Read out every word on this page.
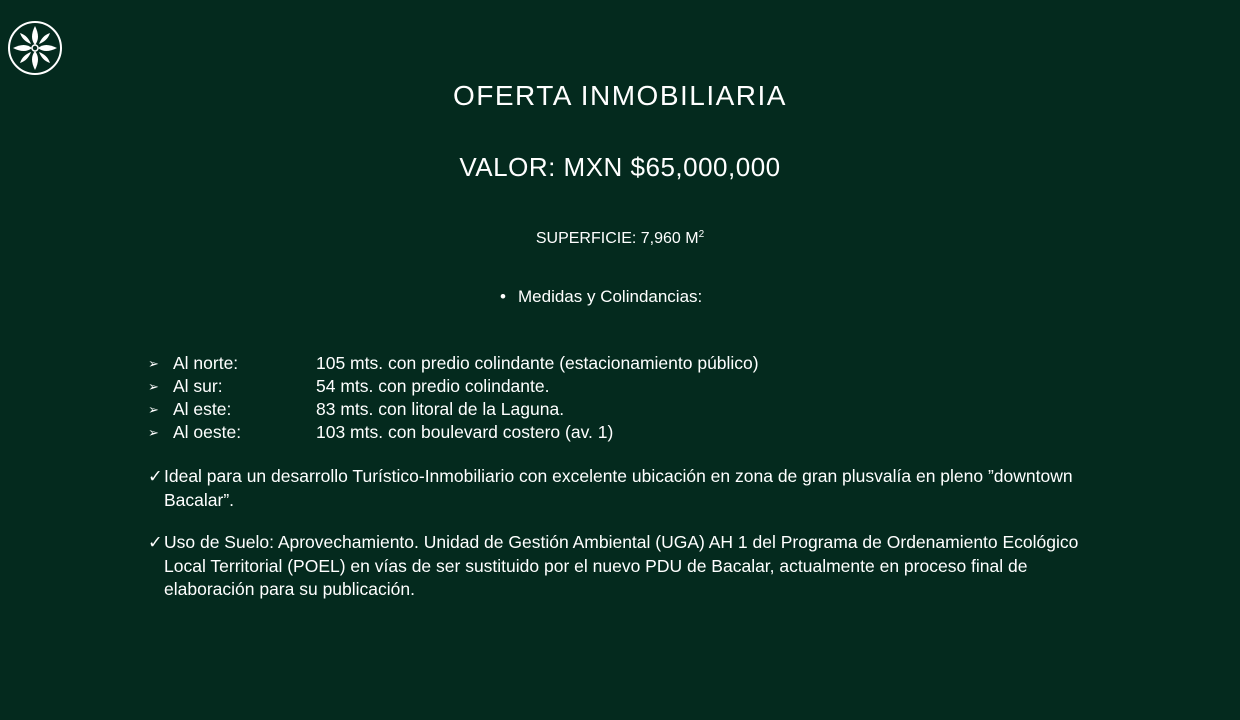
OFERTA INMOBILIARIA
VALOR: MXN $65,000,000
SUPERFICIE: 7,960 $M^2$
• Medidas y Colindancias:
➢ Al norte:	105 mts. con predio colindante (estacionamiento público)
➢ Al sur:	54 mts. con predio colindante.
➢ Al este:	83 mts. con litoral de la Laguna.
➢ Al oeste:	103 mts. con boulevard costero (av. 1)

✓ Ideal para un desarrollo Turístico-Inmobiliario con excelente ubicación en zona de gran plusvalía en pleno ”downtown Bacalar”.

✓ Uso de Suelo: Aprovechamiento. Unidad de Gestión Ambiental (UGA) AH 1 del Programa de Ordenamiento Ecológico Local Territorial (POEL) en vías de ser sustituido por el nuevo PDU de Bacalar, actualmente en proceso final de elaboración para su publicación.
